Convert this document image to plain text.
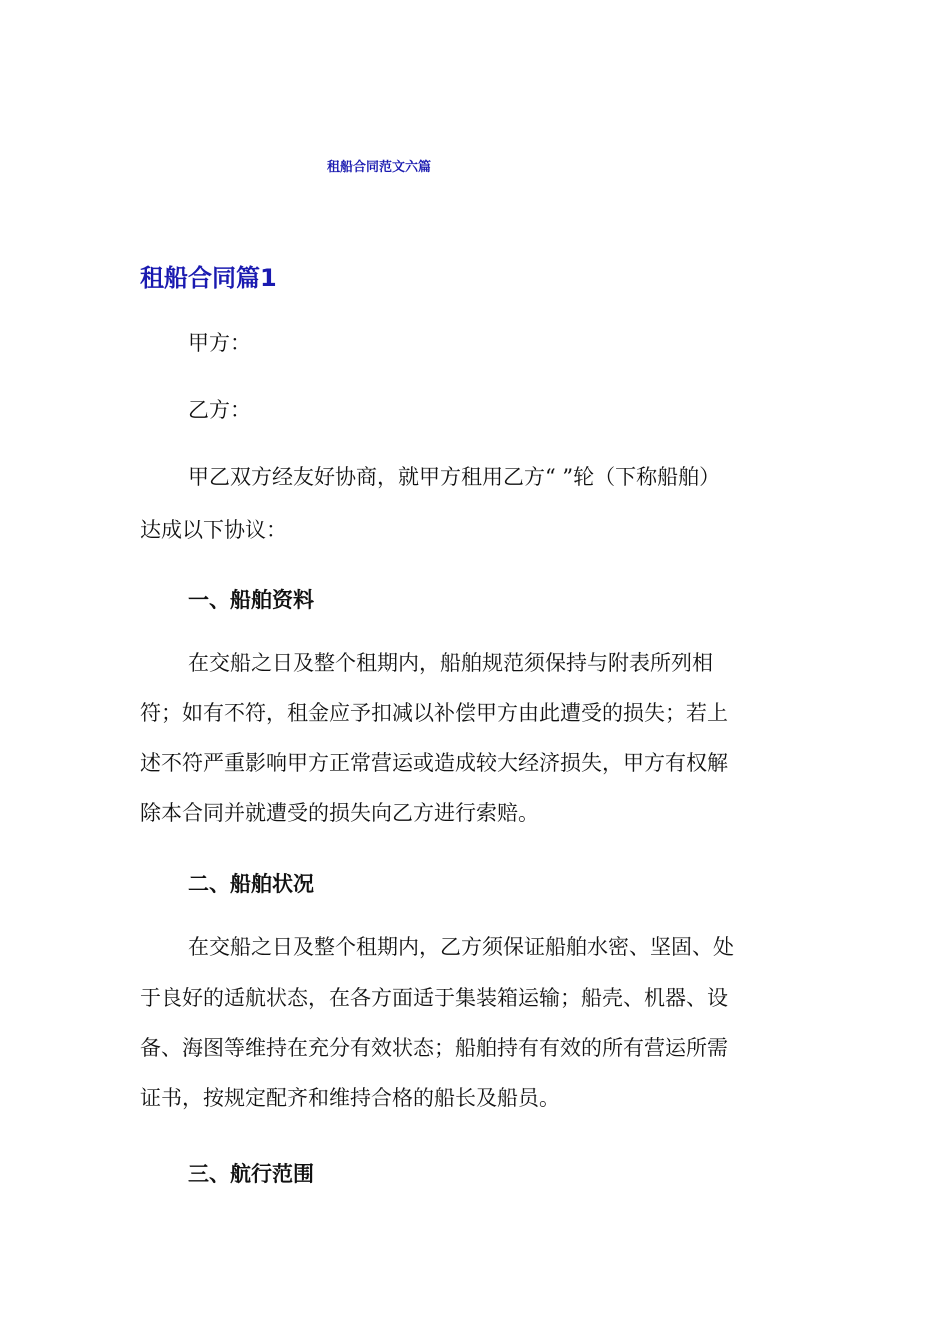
租船合同范文六篇
租船合同篇1
甲方：
乙方：
甲乙双方经友好协商，就甲方租用乙方“ ”轮（下称船舶）
达成以下协议：
一、船舶资料
在交船之日及整个租期内，船舶规范须保持与附表所列相
符；如有不符，租金应予扣减以补偿甲方由此遭受的损失；若上
述不符严重影响甲方正常营运或造成较大经济损失，甲方有权解
除本合同并就遭受的损失向乙方进行索赔。
二、船舶状况
在交船之日及整个租期内，乙方须保证船舶水密、坚固、处
于良好的适航状态，在各方面适于集装箱运输；船壳、机器、设
备、海图等维持在充分有效状态；船舶持有有效的所有营运所需
证书，按规定配齐和维持合格的船长及船员。
三、航行范围
